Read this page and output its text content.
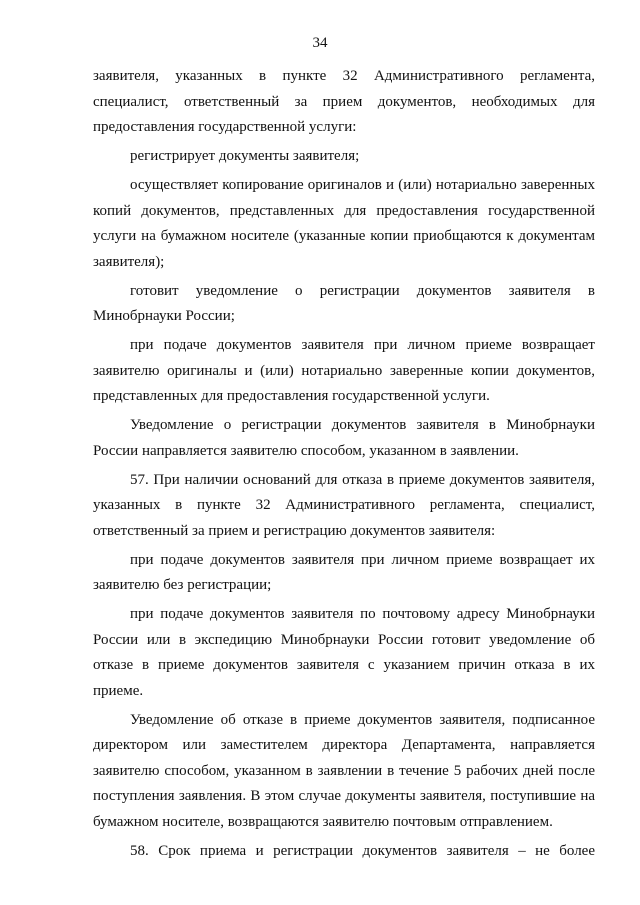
34

заявителя, указанных в пункте 32 Административного регламента, специалист, ответственный за прием документов, необходимых для предоставления государственной услуги:

регистрирует документы заявителя;

осуществляет копирование оригиналов и (или) нотариально заверенных копий документов, представленных для предоставления государственной услуги на бумажном носителе (указанные копии приобщаются к документам заявителя);

готовит уведомление о регистрации документов заявителя в Минобрнауки России;

при подаче документов заявителя при личном приеме возвращает заявителю оригиналы и (или) нотариально заверенные копии документов, представленных для предоставления государственной услуги.

Уведомление о регистрации документов заявителя в Минобрнауки России направляется заявителю способом, указанном в заявлении.

57. При наличии оснований для отказа в приеме документов заявителя, указанных в пункте 32 Административного регламента, специалист, ответственный за прием и регистрацию документов заявителя:

при подаче документов заявителя при личном приеме возвращает их заявителю без регистрации;

при подаче документов заявителя по почтовому адресу Минобрнауки России или в экспедицию Минобрнауки России готовит уведомление об отказе в приеме документов заявителя с указанием причин отказа в их приеме.

Уведомление об отказе в приеме документов заявителя, подписанное директором или заместителем директора Департамента, направляется заявителю способом, указанном в заявлении в течение 5 рабочих дней после поступления заявления. В этом случае документы заявителя, поступившие на бумажном носителе, возвращаются заявителю почтовым отправлением.

58. Срок приема и регистрации документов заявителя – не более
